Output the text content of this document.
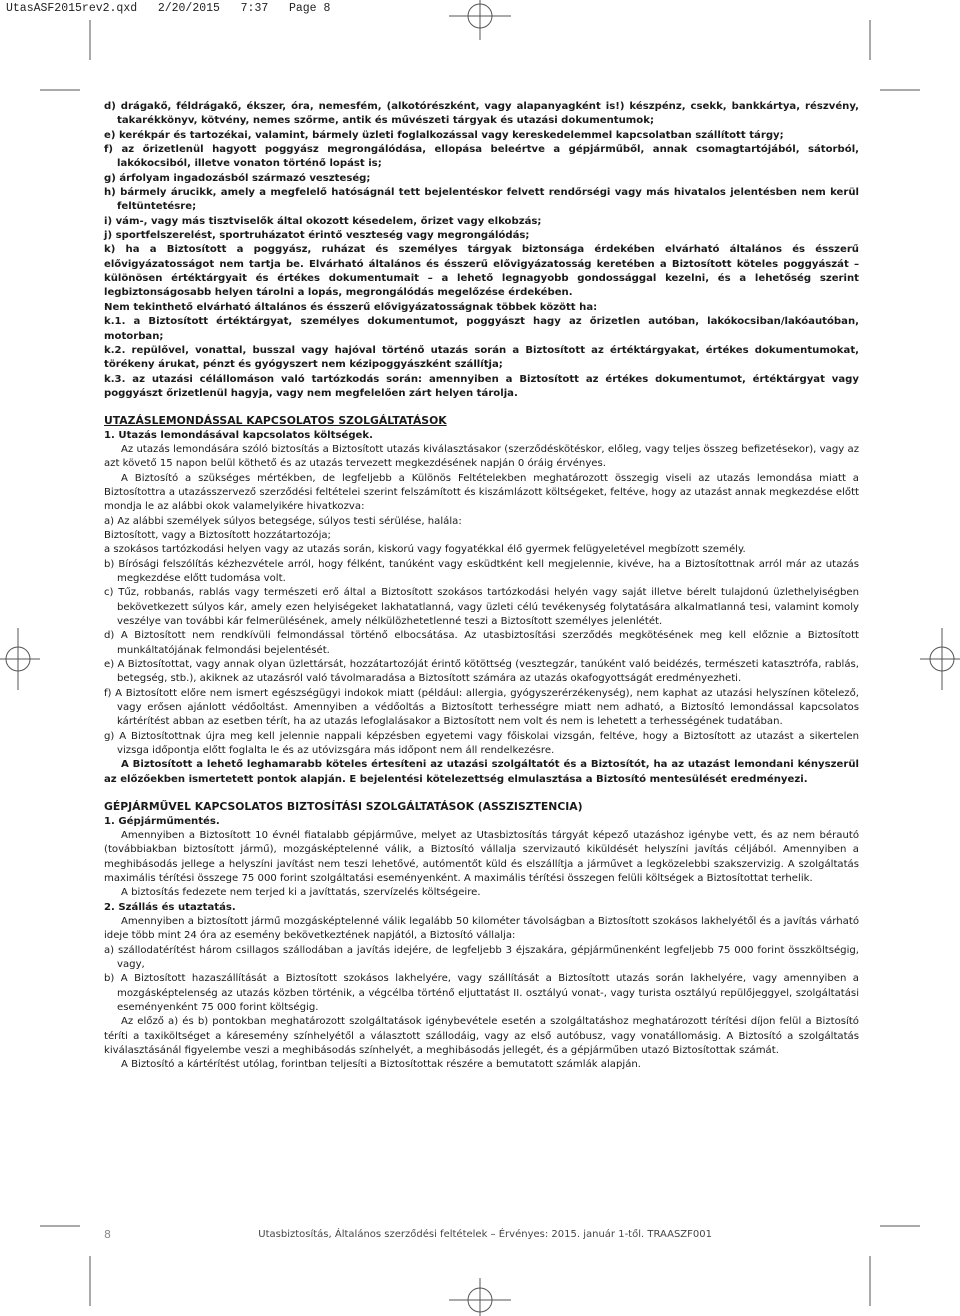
UtasASF2015rev2.qxd   2/20/2015   7:37   Page 8

d) drágakő, féldrágakő, ékszer, óra, nemesfém, (alkotórészként, vagy alapanyagként is!) készpénz, csekk, bankkártya, részvény, takarékkönyv, kötvény, nemes szőrme, antik és művészeti tárgyak és utazási dokumentumok;

e) kerékpár és tartozékai, valamint, bármely üzleti foglalkozással vagy kereskedelemmel kapcsolatban szállított tárgy;

f) az őrizetlenül hagyott poggyász megrongálódása, ellopása beleértve a gépjárműből, annak csomagtartójából, sátorból, lakókocsiból, illetve vonaton történő lopást is;

g) árfolyam ingadozásból származó veszteség;

h) bármely árucikk, amely a megfelelő hatóságnál tett bejelentéskor felvett rendőrségi vagy más hivatalos jelentésben nem kerül feltüntetésre;

i) vám-, vagy más tisztviselők által okozott késedelem, őrizet vagy elkobzás;

j) sportfelszerelést, sportruházatot érintő veszteség vagy megrongálódás;

k) ha a Biztosított a poggyász, ruházat és személyes tárgyak biztonsága érdekében elvárható általános és ésszerű elővigyázatosságot nem tartja be. Elvárható általános és ésszerű elővigyázatosság keretében a Biztosított köteles poggyászát – különösen értéktárgyait és értékes dokumentumait – a lehető legnagyobb gondossággal kezelni, és a lehetőség szerint legbiztonságosabb helyen tárolni a lopás, megrongálódás megelőzése érdekében.

Nem tekinthető elvárható általános és ésszerű elővigyázatosságnak többek között ha:

k.1. a Biztosított értéktárgyat, személyes dokumentumot, poggyászt hagy az őrizetlen autóban, lakókocsiban/lakóautóban, motorban;

k.2. repülővel, vonattal, busszal vagy hajóval történő utazás során a Biztosított az értéktárgyakat, értékes dokumentumokat, törékeny árukat, pénzt és gyógyszert nem kézipoggyászként szállítja;

k.3. az utazási célállomáson való tartózkodás során: amennyiben a Biztosított az értékes dokumentumot, értéktárgyat vagy poggyászt őrizetlenül hagyja, vagy nem megfelelően zárt helyen tárolja.

UTAZÁSLEMONDÁSSAL KAPCSOLATOS SZOLGÁLTATÁSOK

1. Utazás lemondásával kapcsolatos költségek.

Az utazás lemondására szóló biztosítás a Biztosított utazás kiválasztásakor (szerződéskötéskor, előleg, vagy teljes összeg befizetésekor), vagy az azt követő 15 napon belül köthető és az utazás tervezett megkezdésének napján 0 óráig érvényes.

A Biztosító a szükséges mértékben, de legfeljebb a Különös Feltételekben meghatározott összegig viseli az utazás lemondása miatt a Biztosítottra a utazásszervező szerződési feltételei szerint felszámított és kiszámlázott költségeket, feltéve, hogy az utazást annak megkezdése előtt mondja le az alábbi okok valamelyikére hivatkozva:

a) Az alábbi személyek súlyos betegsége, súlyos testi sérülése, halála:

Biztosított, vagy a Biztosított hozzátartozója;

a szokásos tartózkodási helyen vagy az utazás során, kiskorú vagy fogyatékkal élő gyermek felügyeletével megbízott személy.

b) Bírósági felszólítás kézhezvétele arról, hogy félként, tanúként vagy esküdtként kell megjelennie, kivéve, ha a Biztosítottnak arról már az utazás megkezdése előtt tudomása volt.

c) Tűz, robbanás, rablás vagy természeti erő által a Biztosított szokásos tartózkodási helyén vagy saját illetve bérelt tulajdonú üzlethelyiségben bekövetkezett súlyos kár, amely ezen helyiségeket lakhatatlanná, vagy üzleti célú tevékenység folytatására alkalmatlanná tesi, valamint komoly veszélye van további kár felmerülésének, amely nélkülözhetetlenné teszi a Biztosított személyes jelenlétét.

d) A Biztosított nem rendkívüli felmondással történő elbocsátása. Az utasbiztosítási szerződés megkötésének meg kell előznie a Biztosított munkáltatójának felmondási bejelentését.

e) A Biztosítottat, vagy annak olyan üzlettársát, hozzátartozóját érintő kötöttség (vesztegzár, tanúként való beidézés, természeti katasztrófa, rablás, betegség, stb.), akiknek az utazásról való távolmaradása a Biztosított számára az utazás okafogyottságát eredményezheti.

f) A Biztosított előre nem ismert egészségügyi indokok miatt (például: allergia, gyógyszerérzékenység), nem kaphat az utazási helyszínen kötelező, vagy erősen ajánlott védőoltást. Amennyiben a védőoltás a Biztosított terhességre miatt nem adható, a Biztosító lemondással kapcsolatos kártérítést abban az esetben térít, ha az utazás lefoglalásakor a Biztosított nem volt és nem is lehetett a terhességének tudatában.

g) A Biztosítottnak újra meg kell jelennie nappali képzésben egyetemi vagy főiskolai vizsgán, feltéve, hogy a Biztosított az utazást a sikertelen vizsga időpontja előtt foglalta le és az utóvizsgára más időpont nem áll rendelkezésre.

A Biztosított a lehető leghamarabb köteles értesíteni az utazási szolgáltatót és a Biztosítót, ha az utazást lemondani kényszerül az előzőekben ismertetett pontok alapján. E bejelentési kötelezettség elmulasztása a Biztosító mentesülését eredményezi.

GÉPJÁRMŰVEL KAPCSOLATOS BIZTOSÍTÁSI SZOLGÁLTATÁSOK (ASSZISZTENCIA)

1. Gépjárműmentés.

Amennyiben a Biztosított 10 évnél fiatalabb gépjárműve, melyet az Utasbiztosítás tárgyát képező utazáshoz igénybe vett, és az nem bérautó (továbbiakban biztosított jármű), mozgásképtelenné válik, a Biztosító vállalja szervizautó kiküldését helyszíni javítás céljából. Amennyiben a meghibásodás jellege a helyszíni javítást nem teszi lehetővé, autómentőt küld és elszállítja a járművet a legközelebbi szakszervizig. A szolgáltatás maximális térítési összege 75 000 forint szolgáltatási eseményenként. A maximális térítési összegen felüli költségek a Biztosítottat terhelik.

A biztosítás fedezete nem terjed ki a javíttatás, szervízelés költségeire.

2. Szállás és utaztatás.

Amennyiben a biztosított jármű mozgásképtelenné válik legalább 50 kilométer távolságban a Biztosított szokásos lakhelyétől és a javítás várható ideje több mint 24 óra az esemény bekövetkeztének napjától, a Biztosító vállalja:

a) szállodatérítést három csillagos szállodában a javítás idejére, de legfeljebb 3 éjszakára, gépjárműnenként legfeljebb 75 000 forint összköltségig, vagy,

b) A Biztosított hazaszállítását a Biztosított szokásos lakhelyére, vagy szállítását a Biztosított utazás során lakhelyére, vagy amennyiben a mozgásképtelenség az utazás közben történik, a végcélba történő eljuttatást II. osztályú vonat-, vagy turista osztályú repülőjeggyel, szolgáltatási eseményenként 75 000 forint költségig.

Az előző a) és b) pontokban meghatározott szolgáltatások igénybevétele esetén a szolgáltatáshoz meghatározott térítési díjon felül a Biztosító téríti a taxiköltséget a káresemény színhelyétől a választott szállodáig, vagy az első autóbusz, vagy vonatállomásig. A Biztosító a szolgáltatás kiválasztásánál figyelembe veszi a meghibásodás színhelyét, a meghibásodás jellegét, és a gépjárműben utazó Biztosítottak számát.

A Biztosító a kártérítést utólag, forintban teljesíti a Biztosítottak részére a bemutatott számlák alapján.

8	Utasbiztosítás, Általános szerződési feltételek – Érvényes: 2015. január 1-től. TRAASZF001
